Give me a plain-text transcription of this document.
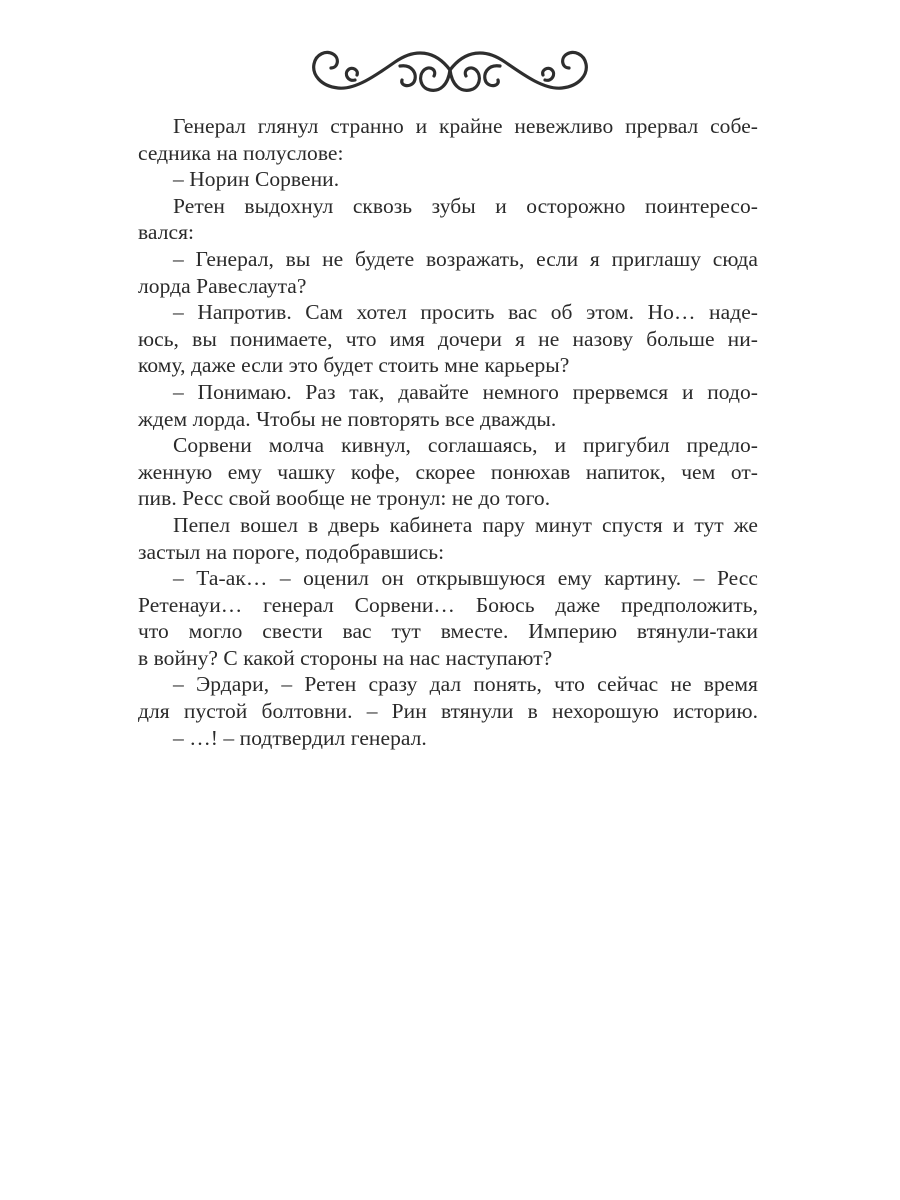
Генерал глянул странно и крайне невежливо прервал собе-
седника на полуслове:
– Норин Сорвени.
Ретен выдохнул сквозь зубы и осторожно поинтересо-
вался:
– Генерал, вы не будете возражать, если я приглашу сюда
лорда Равеслаута?
– Напротив. Сам хотел просить вас об этом. Но… наде-
юсь, вы понимаете, что имя дочери я не назову больше ни-
кому, даже если это будет стоить мне карьеры?
– Понимаю. Раз так, давайте немного прервемся и подо-
ждем лорда. Чтобы не повторять все дважды.
Сорвени молча кивнул, соглашаясь, и пригубил предло-
женную ему чашку кофе, скорее понюхав напиток, чем от-
пив. Ресс свой вообще не тронул: не до того.
Пепел вошел в дверь кабинета пару минут спустя и тут же
застыл на пороге, подобравшись:
– Та-ак… – оценил он открывшуюся ему картину. – Ресс
Ретенауи… генерал Сорвени… Боюсь даже предположить,
что могло свести вас тут вместе. Империю втянули-таки
в войну? С какой стороны на нас наступают?
– Эрдари, – Ретен сразу дал понять, что сейчас не время
для пустой болтовни. – Рин втянули в нехорошую историю.
– …! – подтвердил генерал.
